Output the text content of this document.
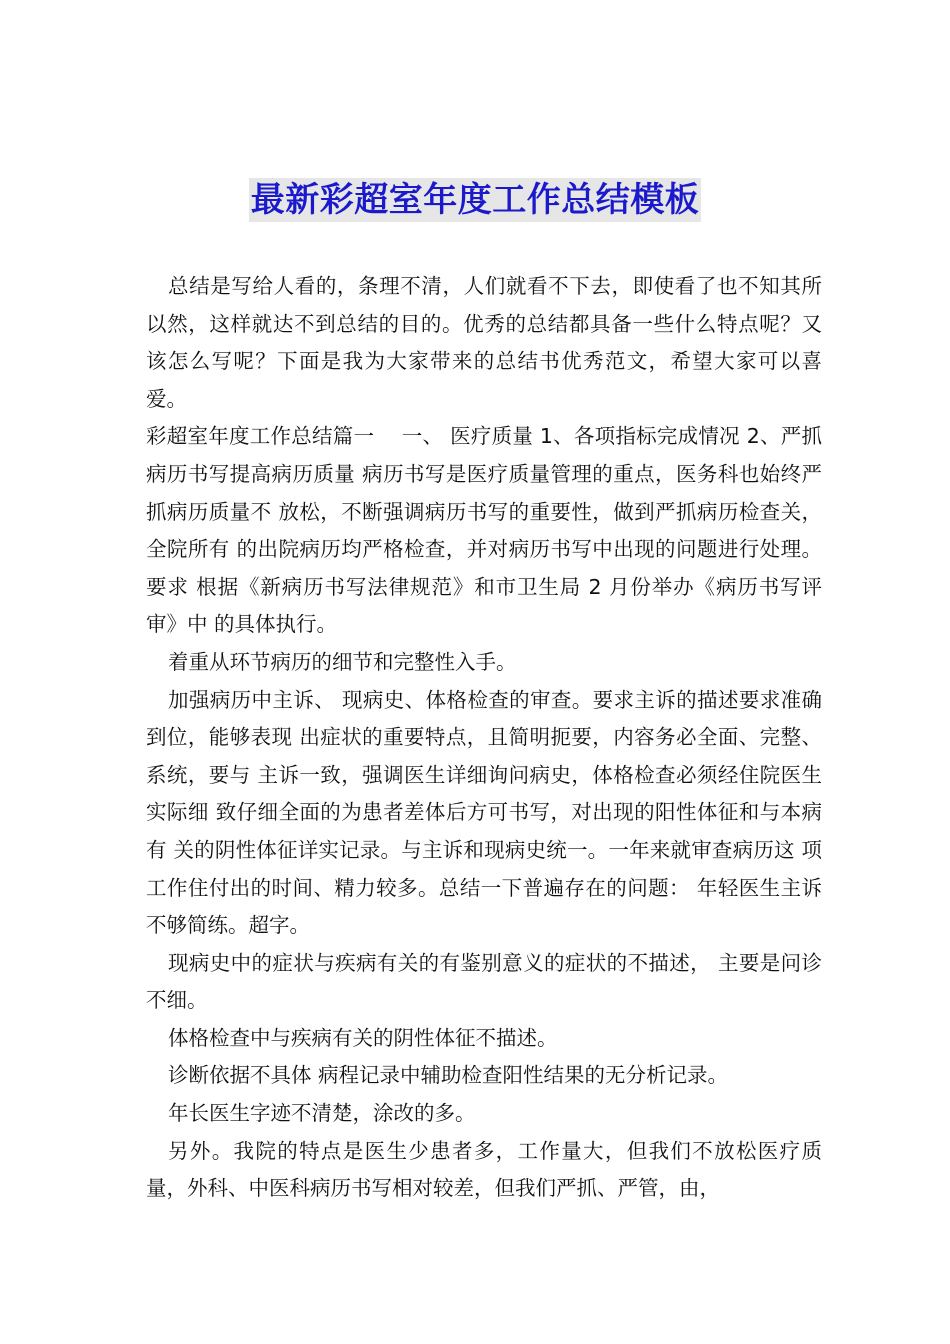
最新彩超室年度工作总结模板

总结是写给人看的，条理不清，人们就看不下去，即使看了也不知其所以然，这样就达不到总结的目的。优秀的总结都具备一些什么特点呢？又该怎么写呢？下面是我为大家带来的总结书优秀范文，希望大家可以喜爱。

彩超室年度工作总结篇一　 一、 医疗质量 1、各项指标完成情况 2、严抓病历书写提高病历质量 病历书写是医疗质量管理的重点，医务科也始终严抓病历质量不 放松，不断强调病历书写的重要性，做到严抓病历检查关，全院所有 的出院病历均严格检查，并对病历书写中出现的问题进行处理。要求 根据《新病历书写法律规范》和市卫生局 2 月份举办《病历书写评审》中 的具体执行。

着重从环节病历的细节和完整性入手。

加强病历中主诉、 现病史、体格检查的审查。要求主诉的描述要求准确到位，能够表现 出症状的重要特点，且简明扼要，内容务必全面、完整、系统，要与 主诉一致，强调医生详细询问病史，体格检查必须经住院医生实际细 致仔细全面的为患者差体后方可书写，对出现的阳性体征和与本病有 关的阴性体征详实记录。与主诉和现病史统一。一年来就审查病历这 项工作住付出的时间、精力较多。总结一下普遍存在的问题： 年轻医生主诉不够简练。超字。

现病史中的症状与疾病有关的有鉴别意义的症状的不描述， 主要是问诊不细。

体格检查中与疾病有关的阴性体征不描述。

诊断依据不具体 病程记录中辅助检查阳性结果的无分析记录。

年长医生字迹不清楚，涂改的多。

另外。我院的特点是医生少患者多，工作量大，但我们不放松医疗质量，外科、中医科病历书写相对较差，但我们严抓、严管，由，
